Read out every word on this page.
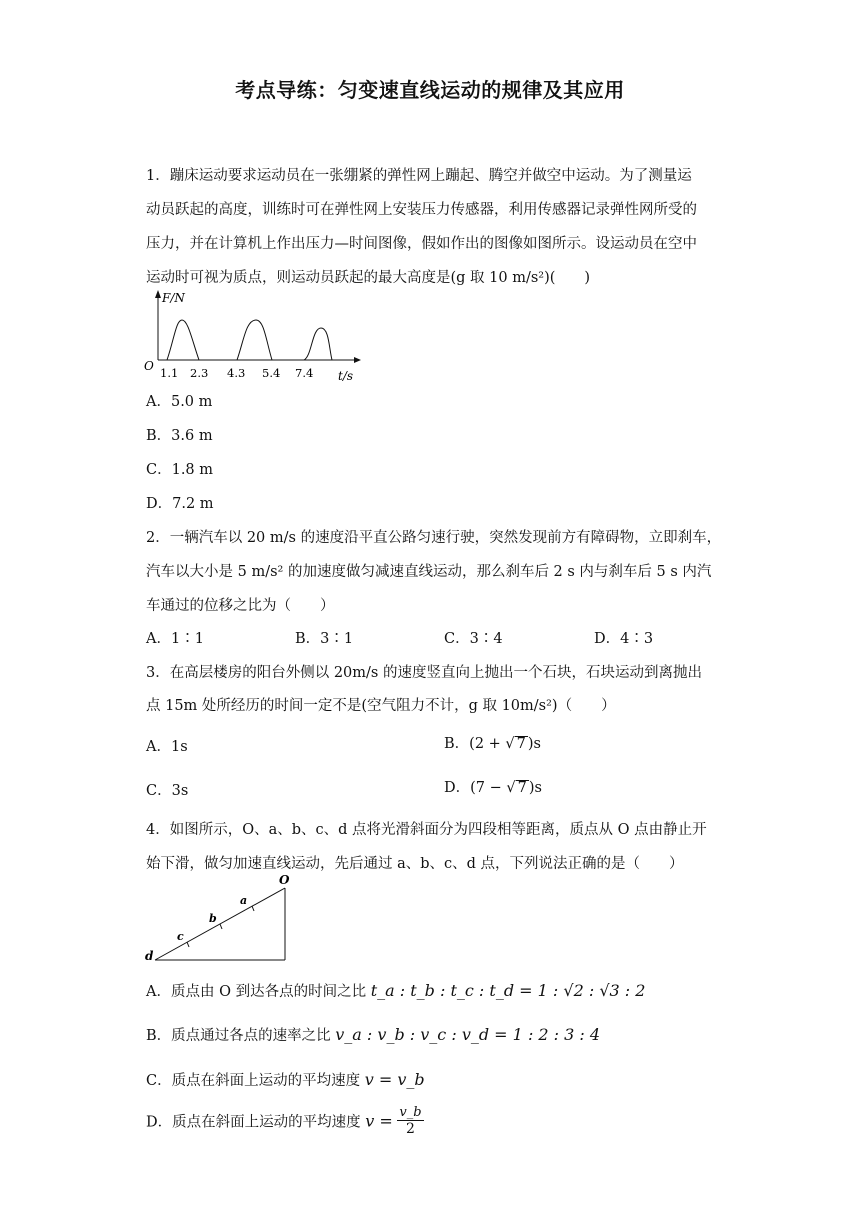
考点导练：匀变速直线运动的规律及其应用
1．蹦床运动要求运动员在一张绷紧的弹性网上蹦起、腾空并做空中运动。为了测量运
动员跃起的高度，训练时可在弹性网上安装压力传感器，利用传感器记录弹性网所受的
压力，并在计算机上作出压力—时间图像，假如作出的图像如图所示。设运动员在空中
运动时可视为质点，则运动员跃起的最大高度是(g 取 10 m/s²)(　　)
F/N
O
t/s
1.1 2.3 4.3 5.4 7.4
A．5.0 m
B．3.6 m
C．1.8 m
D．7.2 m
2．一辆汽车以 20 m/s 的速度沿平直公路匀速行驶，突然发现前方有障碍物，立即刹车，
汽车以大小是 5 m/s² 的加速度做匀减速直线运动，那么刹车后 2 s 内与刹车后 5 s 内汽
车通过的位移之比为（　　）
A．1∶1	B．3∶1	C．3∶4	D．4∶3
3．在高层楼房的阳台外侧以 20m/s 的速度竖直向上抛出一个石块，石块运动到离抛出
点 15m 处所经历的时间一定不是(空气阻力不计，g 取 10m/s²)（　　）
A．1s	B．(2 + √ 7 )s
C．3s	D．(7 − √ 7 )s
4．如图所示，O、a、b、c、d 点将光滑斜面分为四段相等距离，质点从 O 点由静止开
始下滑，做匀加速直线运动，先后通过 a、b、c、d 点，下列说法正确的是（　　）
O
a
b
c
d
A．质点由 O 到达各点的时间之比 t_a : t_b : t_c : t_d = 1 : √2 : √3 : 2
B．质点通过各点的速率之比 v_a : v_b : v_c : v_d = 1 : 2 : 3 : 4
C．质点在斜面上运动的平均速度 v = v_b
D．质点在斜面上运动的平均速度 $v = \frac{v\_b}{2}$
